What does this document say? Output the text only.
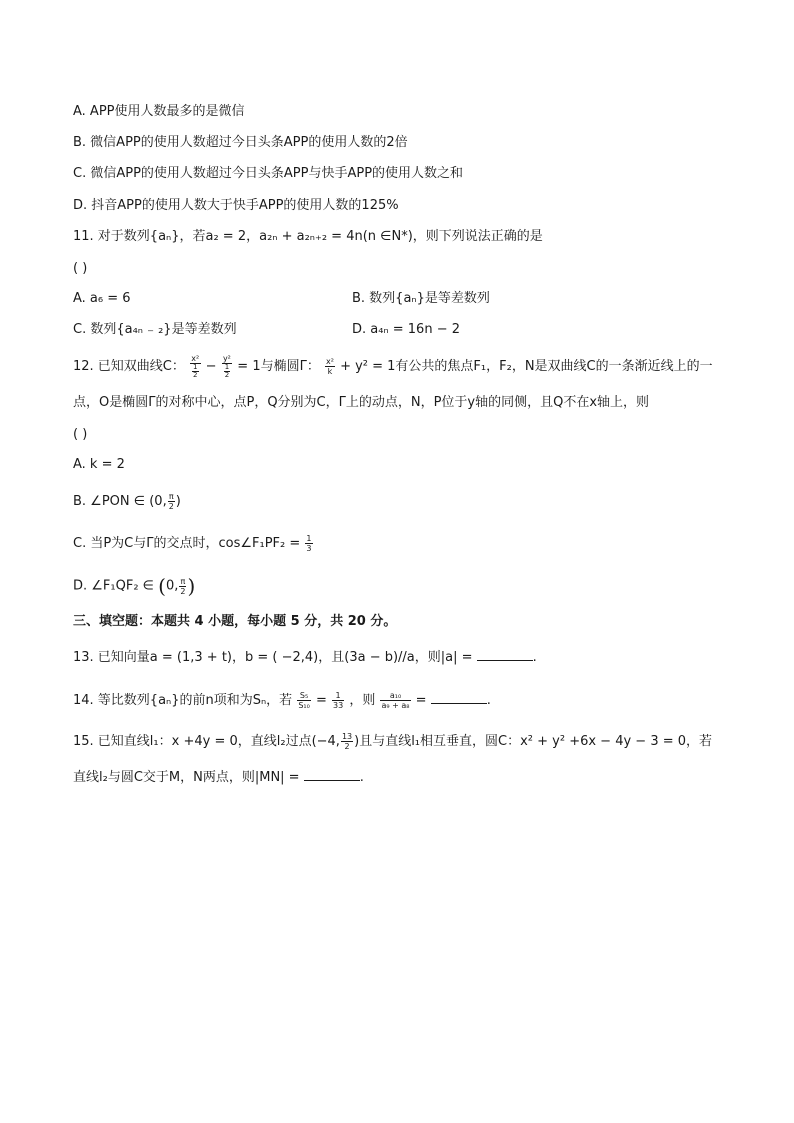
A. APP使用人数最多的是微信
B. 微信APP的使用人数超过今日头条APP的使用人数的2倍
C. 微信APP的使用人数超过今日头条APP与快手APP的使用人数之和
D. 抖音APP的使用人数大于快手APP的使用人数的125%
11. 对于数列{aₙ}，若a₂ = 2，a₂ₙ + a₂ₙ₊₂ = 4n(n ∈N*)，则下列说法正确的是
( )
A. a₆ = 6	B. 数列{aₙ}是等差数列
C. 数列{a₄ₙ ₋ ₂}是等差数列	D. a₄ₙ = 16n − 2
12. 已知双曲线C： $\frac{\text{x²}}{\frac{1}{2}} - \frac{\text{y²}}{\frac{1}{2}} = 1$与椭圆Γ： $\frac{\text{x²}}{k} + y^2 = 1$有公共的焦点F₁，F₂，N是双曲线C的一条渐近线上的一
点，O是椭圆Γ的对称中心，点P，Q分别为C，Γ上的动点，N，P位于y轴的同侧，且Q不在x轴上，则
( )
A. k = 2
B. ∠PON ∈ (0, $\frac{\pi}{2}$ )
C. 当P为C与Γ的交点时，cos∠F₁PF₂ = $\frac{1}{3}$
D. ∠F₁QF₂ ∈ (0, $\frac{\pi}{2}$ )
三、填空题：本题共 4 小题，每小题 5 分，共 20 分。
13. 已知向量a = (1,3 + t)，b = ( −2,4)，且(3a − b)//a，则|a| =	.
14. 等比数列{aₙ}的前n项和为Sₙ，若 $\frac{\text{S₅}}{\text{S₁₀}} = \frac{1}{33}$ ，则 $\frac{\text{a₁₀}}{\text{a₉ + a₈}}$ =	.
15. 已知直线l₁：x +4y = 0，直线l₂过点(−4, $\frac{13}{2}$ )且与直线l₁相互垂直，圆C：x² + y² +6x − 4y − 3 = 0，若
直线l₂与圆C交于M，N两点，则|MN| =	.
